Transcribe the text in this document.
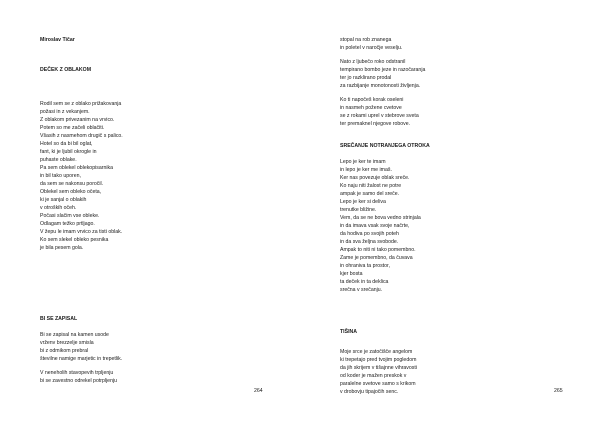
Miroslav Tičar
DEČEK Z OBLAKOM
Rodil sem se z oblako prižakovanja
požasi in z vekanjem.
Z oblakom privezanim na vrvico.
Potem so me začeli oblačiti.
Všasih z nasmehom drugič s palico.
Hotel so da bi bil oglat,
fant, ki je ljubil okrogle in
puhaste oblake.
Pa sem oblekel oblekopisarnika
in bil tako uporen,
da sem se nakonsu poročil.
Oblekel sem obleko očeta,
ki je sanjal o oblakih
v otroških očeh.
Počasi slačim vse obleke.
Odlagam težko prtljago.
V žepu le imam vrvico za tisti oblak.
Ko sem slekel obleko pesnika
je bila pesem gola.
BI SE ZAPISAL
Bi se zapisal na kamen usode
vrženv brezzelje smisla
bi z odmikom prebral
številne namige marjetic in trepetlik.
V neneholih stavopevih trpljenju
bi se zavestno odrekel potrpljenju
264
stopal na rob znanega
in poletel v naročje veselju.
Nato z ljubečo roko odstranil
tempirano bombo jeze in razočaranja
ter jo razklirano prodal
za razbijanje monotonosti življenja.
Ko ti napočeš korak oseleni
in nasmeh požene cvetove
se z rokami uprel v stebrove sveta
ter premaknel njegove robove.
SREČANJE NOTRANJEGA OTROKA
Lepo je ker te imam
in lepo je ker me imaš.
Ker nas povezuje oblak sreče.
Ko naju niti žalost ne potre
ampak je samo del sreče.
Lepo je ker si deliva
trenutke bližine.
Vem, da se ne bova vedno strinjala
in da imava vsak svoje načrte,
da hodiva po svojih poteh
in da sva željna svobode.
Ampak to niti ni tako pomembno.
Zame je pomembno, da čuvava
in ohraniva ta prostor,
kjer bosta
ta deček in ta deklica
srečna v srečanju.
TIŠINA
Moje srce je zatočišče angelom
ki trepetajo pred tvojim pogledom
da jih skrijem v tišajnne vihravosti
od koder je mažen preskok v
paralelne svetove samo s krikom
v drobovju tipajočih senc.	265
